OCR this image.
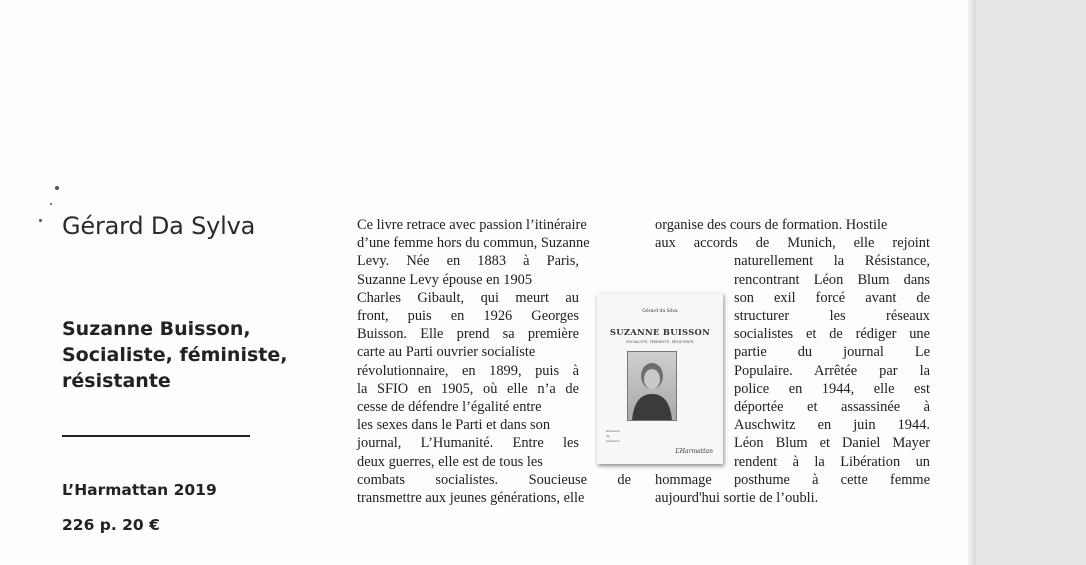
Gérard Da Sylva
Suzanne Buisson,
Socialiste, féministe,
résistante

L’Harmattan 2019

226 p. 20 €

Ce livre retrace avec passion l’itinéraire
d’une femme hors du commun, Suzanne
Levy. Née en 1883 à Paris,
Suzanne Levy épouse en 1905
Charles Gibault, qui meurt au
front, puis en 1926 Georges
Buisson. Elle prend sa première
carte au Parti ouvrier socialiste
révolutionnaire, en 1899, puis à
la SFIO en 1905, où elle n’a de
cesse de défendre l’égalité entre
les sexes dans le Parti et dans son
journal, L’Humanité. Entre les
deux guerres, elle est de tous les
combats socialistes. Soucieuse de
transmettre aux jeunes générations, elle
organise des cours de formation. Hostile
aux accords de Munich, elle rejoint
naturellement la Résistance,
rencontrant Léon Blum dans
son exil forcé avant de
structurer les réseaux
socialistes et de rédiger une
partie du journal Le
Populaire. Arrêtée par la
police en 1944, elle est
déportée et assassinée à
Auschwitz en juin 1944.
Léon Blum et Daniel Mayer
rendent à la Libération un
hommage posthume à cette femme
aujourd'hui sortie de l’oubli.
Gérard da Silva
SUZANNE BUISSON
SOCIALISTE, FÉMINISTE, RÉSISTANTE
Graveurs
de
mémoire
L’Harmattan
